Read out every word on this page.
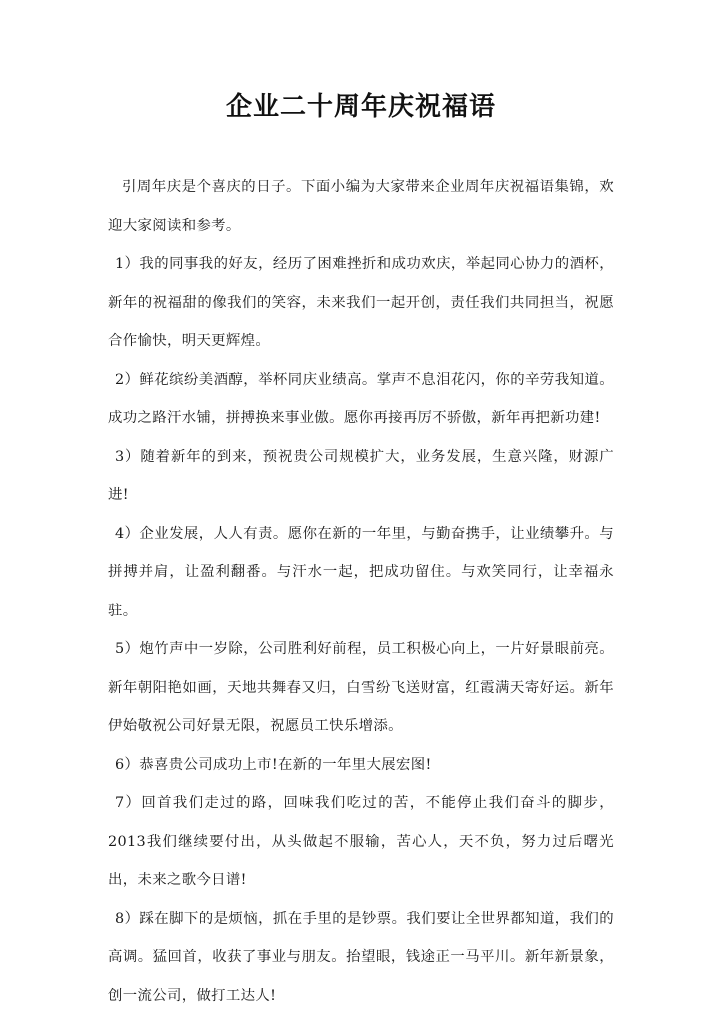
企业二十周年庆祝福语

引周年庆是个喜庆的日子。下面小编为大家带来企业周年庆祝福语集锦，欢迎大家阅读和参考。

1）我的同事我的好友，经历了困难挫折和成功欢庆，举起同心协力的酒杯，新年的祝福甜的像我们的笑容，未来我们一起开创，责任我们共同担当，祝愿合作愉快，明天更辉煌。

2）鲜花缤纷美酒醇，举杯同庆业绩高。掌声不息泪花闪，你的辛劳我知道。成功之路汗水铺，拼搏换来事业傲。愿你再接再厉不骄傲，新年再把新功建!

3）随着新年的到来，预祝贵公司规模扩大，业务发展，生意兴隆，财源广进!

4）企业发展，人人有责。愿你在新的一年里，与勤奋携手，让业绩攀升。与拼搏并肩，让盈利翻番。与汗水一起，把成功留住。与欢笑同行，让幸福永驻。

5）炮竹声中一岁除，公司胜利好前程，员工积极心向上，一片好景眼前亮。新年朝阳艳如画，天地共舞春又归，白雪纷飞送财富，红霞满天寄好运。新年伊始敬祝公司好景无限，祝愿员工快乐增添。

6）恭喜贵公司成功上市!在新的一年里大展宏图!

7）回首我们走过的路，回味我们吃过的苦，不能停止我们奋斗的脚步，2013我们继续要付出，从头做起不服输，苦心人，天不负，努力过后曙光出，未来之歌今日谱!

8）踩在脚下的是烦恼，抓在手里的是钞票。我们要让全世界都知道，我们的高调。猛回首，收获了事业与朋友。抬望眼，钱途正一马平川。新年新景象，创一流公司，做打工达人!
